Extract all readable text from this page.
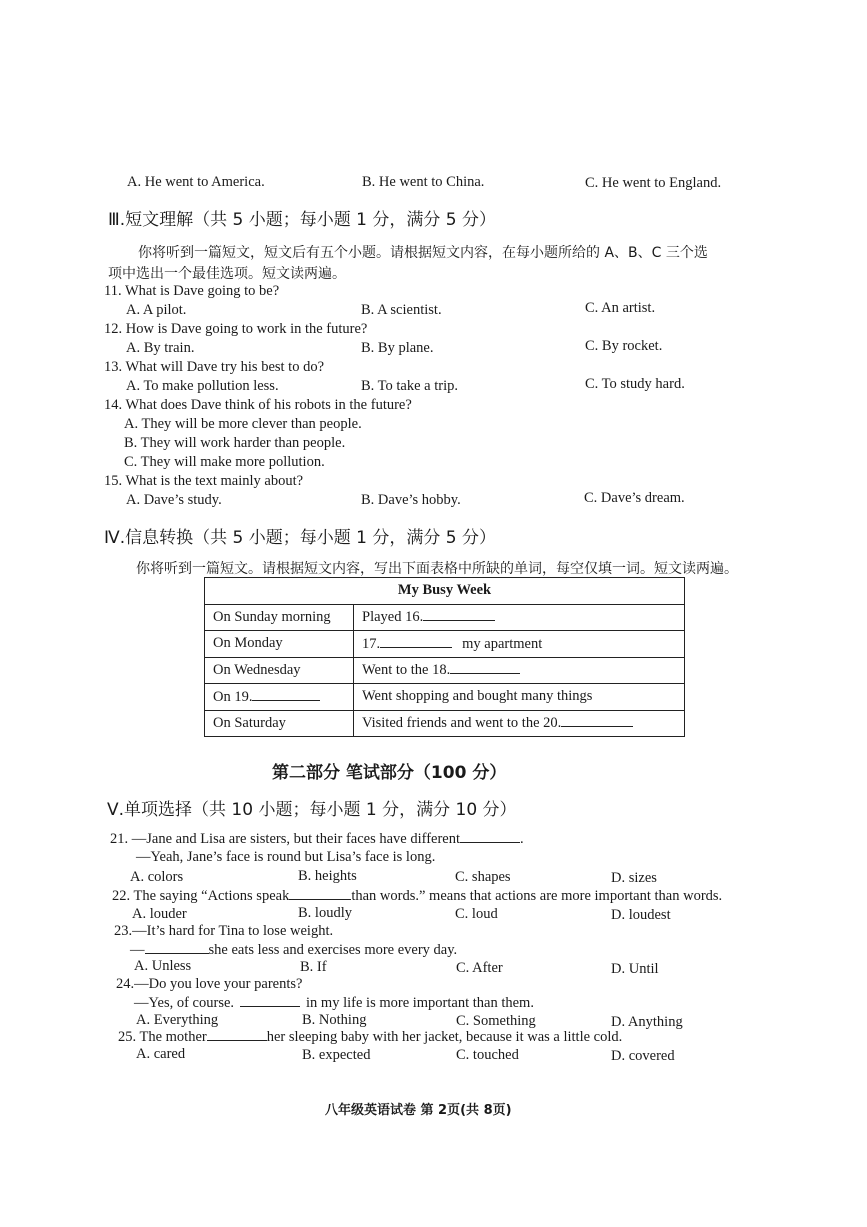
A. He went to America.	B. He went to China.	C. He went to England.
Ⅲ.短文理解（共 5 小题；每小题 1 分，满分 5 分）
你将听到一篇短文，短文后有五个小题。请根据短文内容，在每小题所给的 A、B、C 三个选
项中选出一个最佳选项。短文读两遍。
11. What is Dave going to be?
A. A pilot.	B. A scientist.	C. An artist.
12. How is Dave going to work in the future?
A. By train.	B. By plane.	C. By rocket.
13. What will Dave try his best to do?
A. To make pollution less.	B. To take a trip.	C. To study hard.
14. What does Dave think of his robots in the future?
A. They will be more clever than people.
B. They will work harder than people.
C. They will make more pollution.
15. What is the text mainly about?
A. Dave’s study.	B. Dave’s hobby.	C. Dave’s dream.
Ⅳ.信息转换（共 5 小题；每小题 1 分，满分 5 分）
你将听到一篇短文。请根据短文内容，写出下面表格中所缺的单词，每空仅填一词。短文读两遍。
My Busy Week	
On Sunday morning	Played 16.
On Monday	17. my apartment
On Wednesday	Went to the 18.
On 19.	Went shopping and bought many things
On Saturday	Visited friends and went to the 20.
第二部分 笔试部分（100 分）
Ⅴ.单项选择（共 10 小题；每小题 1 分，满分 10 分）
21. —Jane and Lisa are sisters, but their faces have different	.
—Yeah, Jane’s face is round but Lisa’s face is long.
A. colors	B. heights	C. shapes	D. sizes
22. The saying “Actions speak	than words.” means that actions are more important than words.
A. louder	B. loudly	C. loud	D. loudest
23.—It’s hard for Tina to lose weight.
—	she eats less and exercises more every day.
A. Unless	B. If	C. After	D. Until
24.—Do you love your parents?
—Yes, of course.	in my life is more important than them.
A. Everything	B. Nothing	C. Something	D. Anything
25. The mother	her sleeping baby with her jacket, because it was a little cold.
A. cared	B. expected	C. touched	D. covered
八年级英语试卷 第 2页(共 8页)
